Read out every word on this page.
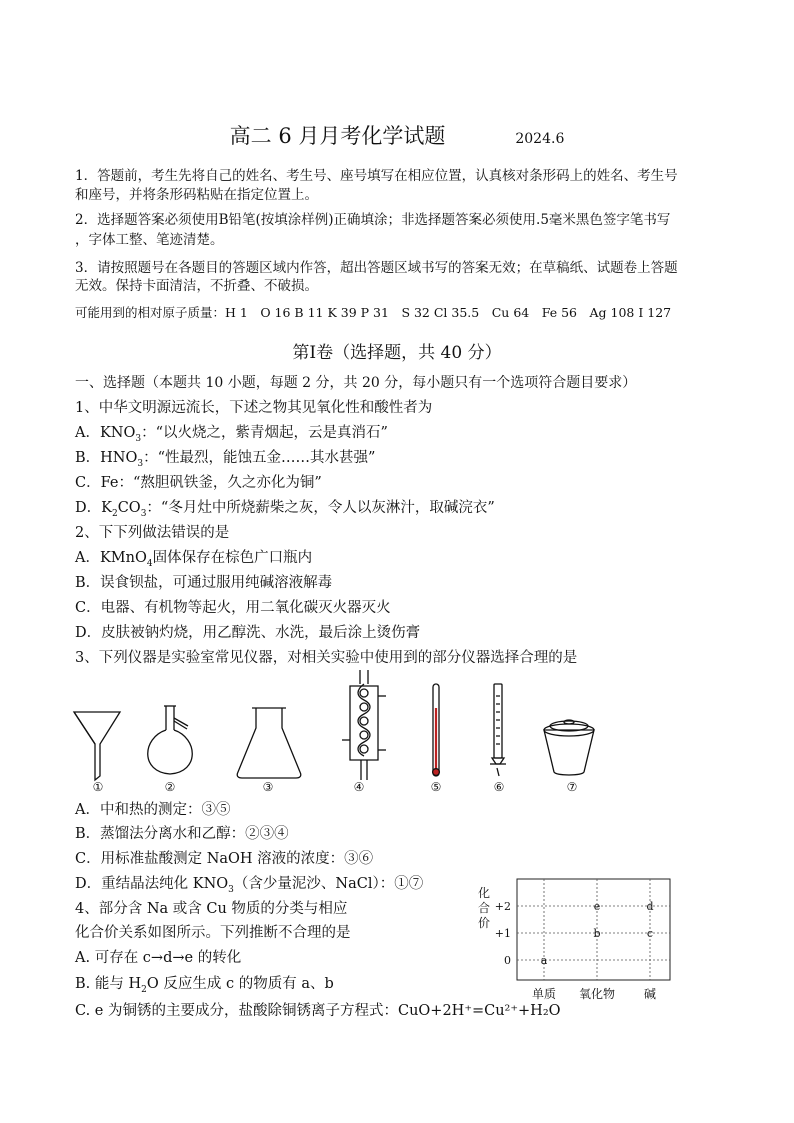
高二 6 月月考化学试题	2024.6
1．答题前，考生先将自己的姓名、考生号、座号填写在相应位置，认真核对条形码上的姓名、考生号
和座号，并将条形码粘贴在指定位置上。
2．选择题答案必须使用B铅笔(按填涂样例)正确填涂；非选择题答案必须使用.5毫米黑色签字笔书写
，字体工整、笔迹清楚。
3．请按照题号在各题目的答题区域内作答，超出答题区域书写的答案无效；在草稿纸、试题卷上答题
无效。保持卡面清洁，不折叠、不破损。
可能用到的相对原子质量：H 1　O 16 B 11 K 39 P 31　S 32 Cl 35.5　Cu 64　Fe 56　Ag 108 I 127
第Ⅰ卷（选择题，共 40 分）
一、选择题（本题共 10 小题，每题 2 分，共 20 分，每小题只有一个选项符合题目要求）
1、中华文明源远流长，下述之物其见氧化性和酸性者为
A．$KNO_3$：“以火烧之，紫青烟起，云是真消石”
B．$HNO_3$：“性最烈，能蚀五金……其水甚强”
C．Fe：“熬胆矾铁釜，久之亦化为铜”
D．$K_2CO_3$：“冬月灶中所烧薪柴之灰，令人以灰淋汁，取碱浣衣”
2、下下列做法错误的是
A．KMnO$_4$固体保存在棕色广口瓶内
B．误食钡盐，可通过服用纯碱溶液解毒
C．电器、有机物等起火，用二氧化碳灭火器灭火
D．皮肤被钠灼烧，用乙醇洗、水洗，最后涂上烫伤膏
3、下列仪器是实验室常见仪器，对相关实验中使用到的部分仪器选择合理的是
①	②	③	④	⑤	⑥	⑦
A．中和热的测定：③⑤
B．蒸馏法分离水和乙醇：②③④
C．用标准盐酸测定 NaOH 溶液的浓度：③⑥
D．重结晶法纯化 $KNO_3$（含少量泥沙、NaCl）：①⑦
4、部分含 Na 或含 Cu 物质的分类与相应
化合价关系如图所示。下列推断不合理的是
A. 可存在 c→d→e 的转化
B. 能与 $H_2O$ 反应生成 c 的物质有 a、b
C. e 为铜锈的主要成分，盐酸除铜锈离子方程式：CuO+2H⁺=Cu²⁺+H₂O
化
合
价
+2
+1
0
单质 氧化物 碱
a
b	c
d
e
